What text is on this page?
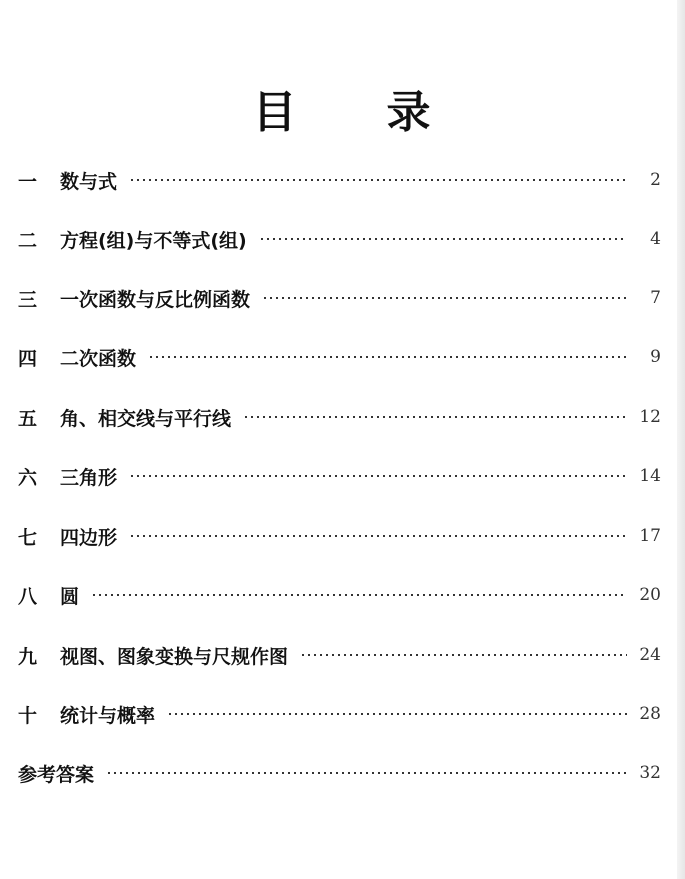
目 录
一	数与式	2
二	方程(组)与不等式(组)	4
三	一次函数与反比例函数	7
四	二次函数	9
五	角、相交线与平行线	12
六	三角形	14
七	四边形	17
八	圆	20
九	视图、图象变换与尺规作图	24
十	统计与概率	28
参考答案	32
